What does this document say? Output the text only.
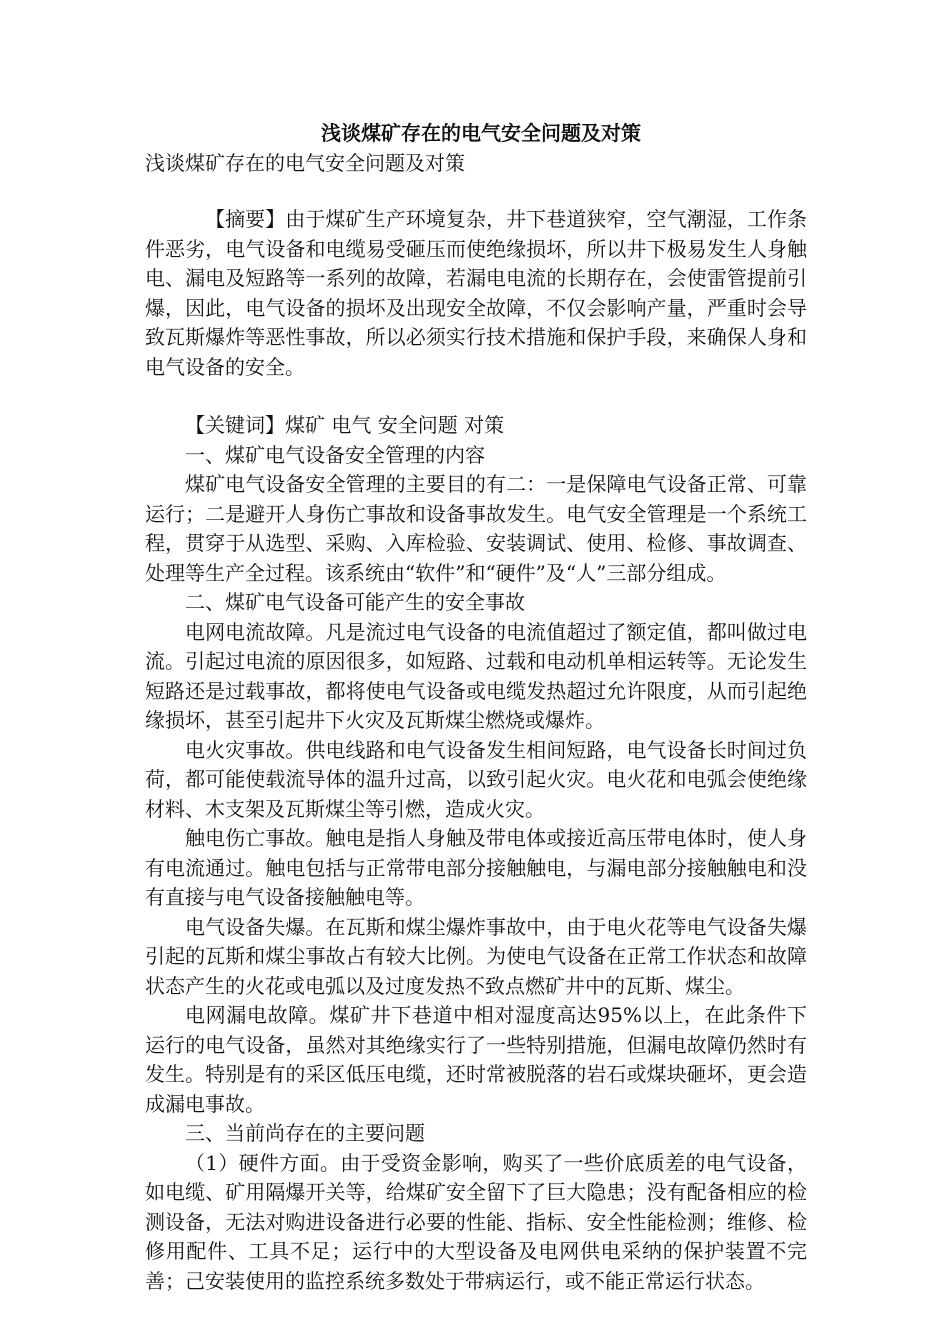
浅谈煤矿存在的电气安全问题及对策
浅谈煤矿存在的电气安全问题及对策

【摘要】由于煤矿生产环境复杂，井下巷道狭窄，空气潮湿，工作条件恶劣，电气设备和电缆易受砸压而使绝缘损坏，所以井下极易发生人身触电、漏电及短路等一系列的故障，若漏电电流的长期存在，会使雷管提前引爆，因此，电气设备的损坏及出现安全故障，不仅会影响产量，严重时会导致瓦斯爆炸等恶性事故，所以必须实行技术措施和保护手段，来确保人身和电气设备的安全。

【关键词】煤矿 电气 安全问题 对策

一、煤矿电气设备安全管理的内容

煤矿电气设备安全管理的主要目的有二：一是保障电气设备正常、可靠运行；二是避开人身伤亡事故和设备事故发生。电气安全管理是一个系统工程，贯穿于从选型、采购、入库检验、安装调试、使用、检修、事故调查、处理等生产全过程。该系统由“软件”和“硬件”及“人”三部分组成。

二、煤矿电气设备可能产生的安全事故

电网电流故障。凡是流过电气设备的电流值超过了额定值，都叫做过电流。引起过电流的原因很多，如短路、过载和电动机单相运转等。无论发生短路还是过载事故，都将使电气设备或电缆发热超过允许限度，从而引起绝缘损坏，甚至引起井下火灾及瓦斯煤尘燃烧或爆炸。

电火灾事故。供电线路和电气设备发生相间短路，电气设备长时间过负荷，都可能使载流导体的温升过高，以致引起火灾。电火花和电弧会使绝缘材料、木支架及瓦斯煤尘等引燃，造成火灾。

触电伤亡事故。触电是指人身触及带电体或接近高压带电体时，使人身有电流通过。触电包括与正常带电部分接触触电，与漏电部分接触触电和没有直接与电气设备接触触电等。

电气设备失爆。在瓦斯和煤尘爆炸事故中，由于电火花等电气设备失爆引起的瓦斯和煤尘事故占有较大比例。为使电气设备在正常工作状态和故障状态产生的火花或电弧以及过度发热不致点燃矿井中的瓦斯、煤尘。

电网漏电故障。煤矿井下巷道中相对湿度高达95%以上，在此条件下运行的电气设备，虽然对其绝缘实行了一些特别措施，但漏电故障仍然时有发生。特别是有的采区低压电缆，还时常被脱落的岩石或煤块砸坏，更会造成漏电事故。

三、当前尚存在的主要问题

（1）硬件方面。由于受资金影响，购买了一些价底质差的电气设备，如电缆、矿用隔爆开关等，给煤矿安全留下了巨大隐患；没有配备相应的检测设备，无法对购进设备进行必要的性能、指标、安全性能检测；维修、检修用配件、工具不足；运行中的大型设备及电网供电采纳的保护装置不完善；己安装使用的监控系统多数处于带病运行，或不能正常运行状态。
